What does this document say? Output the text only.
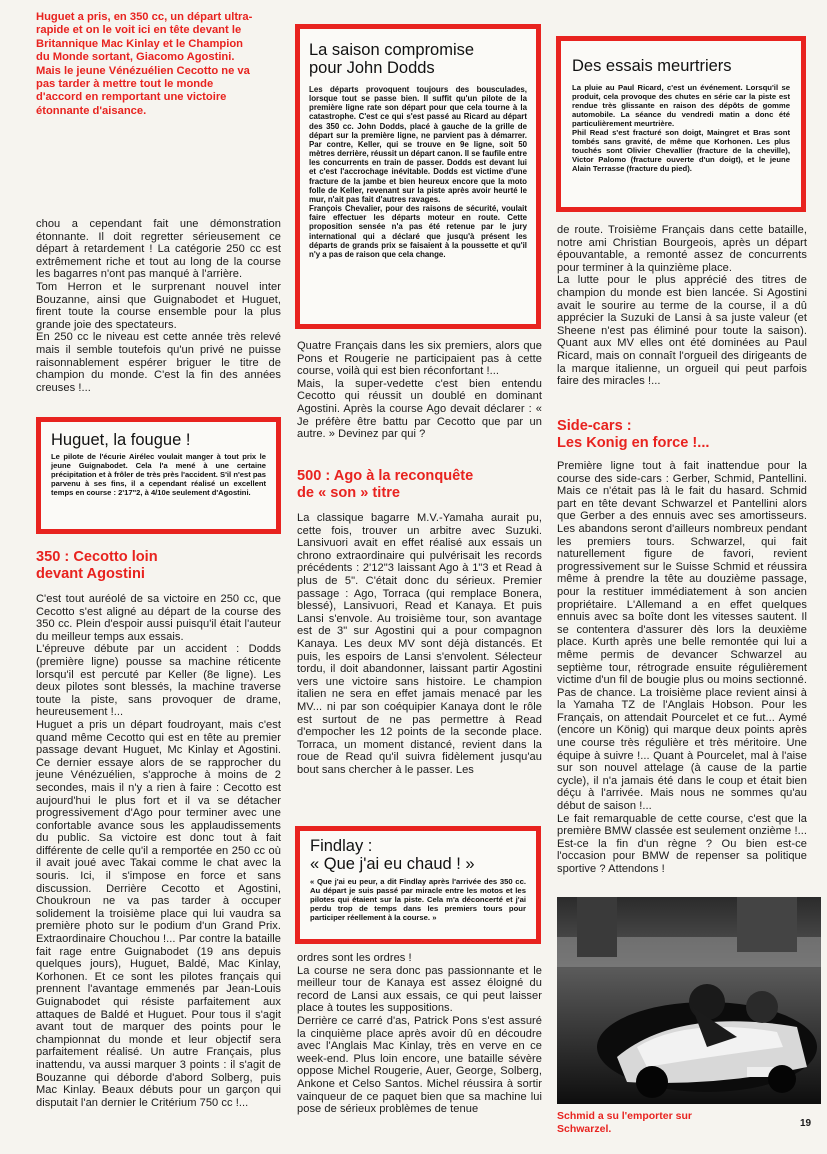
Huguet a pris, en 350 cc, un départ ultra-rapide et on le voit ici en tête devant le Britannique Mac Kinlay et le Champion du Monde sortant, Giacomo Agostini. Mais le jeune Vénézuélien Cecotto ne va pas tarder à mettre tout le monde d'accord en remportant une victoire étonnante d'aisance.
chou a cependant fait une démonstration étonnante. Il doit regretter sérieusement ce départ à retardement ! La catégorie 250 cc est extrêmement riche et tout au long de la course les bagarres n'ont pas manqué à l'arrière.
Tom Herron et le surprenant nouvel inter Bouzanne, ainsi que Guignabodet et Huguet, firent toute la course ensemble pour la plus grande joie des spectateurs.
En 250 cc le niveau est cette année très relevé mais il semble toutefois qu'un privé ne puisse raisonnablement espérer briguer le titre de champion du monde. C'est la fin des années creuses !...
Huguet, la fougue !
Le pilote de l'écurie Airélec voulait manger à tout prix le jeune Guignabodet. Cela l'a mené à une certaine précipitation et à frôler de très près l'accident. S'il n'est pas parvenu à ses fins, il a cependant réalisé un excellent temps en course : 2'17"2, à 4/10e seulement d'Agostini.
350 : Cecotto loin
devant Agostini
C'est tout auréolé de sa victoire en 250 cc, que Cecotto s'est aligné au départ de la course des 350 cc. Plein d'espoir aussi puisqu'il était l'auteur du meilleur temps aux essais.
L'épreuve débute par un accident : Dodds (première ligne) pousse sa machine réticente lorsqu'il est percuté par Keller (8e ligne). Les deux pilotes sont blessés, la machine traverse toute la piste, sans provoquer de drame, heureusement !...
Huguet a pris un départ foudroyant, mais c'est quand même Cecotto qui est en tête au premier passage devant Huguet, Mc Kinlay et Agostini. Ce dernier essaye alors de se rapprocher du jeune Vénézuélien, s'approche à moins de 2 secondes, mais il n'y a rien à faire : Cecotto est aujourd'hui le plus fort et il va se détacher progressivement d'Ago pour terminer avec une confortable avance sous les applaudissements du public. Sa victoire est donc tout à fait différente de celle qu'il a remportée en 250 cc où il avait joué avec Takai comme le chat avec la souris. Ici, il s'impose en force et sans discussion. Derrière Cecotto et Agostini, Choukroun ne va pas tarder à occuper solidement la troisième place qui lui vaudra sa première photo sur le podium d'un Grand Prix. Extraordinaire Chouchou !... Par contre la bataille fait rage entre Guignabodet (19 ans depuis quelques jours), Huguet, Baldé, Mac Kinlay, Korhonen. Et ce sont les pilotes français qui prennent l'avantage emmenés par Jean-Louis Guignabodet qui résiste parfaitement aux attaques de Baldé et Huguet. Pour tous il s'agit avant tout de marquer des points pour le championnat du monde et leur objectif sera parfaitement réalisé. Un autre Français, plus inattendu, va aussi marquer 3 points : il s'agit de Bouzanne qui déborde d'abord Solberg, puis Mac Kinlay. Beaux débuts pour un garçon qui disputait l'an dernier le Critérium 750 cc !...
La saison compromise
pour John Dodds
Les départs provoquent toujours des bousculades, lorsque tout se passe bien. Il suffit qu'un pilote de la première ligne rate son départ pour que cela tourne à la catastrophe. C'est ce qui s'est passé au Ricard au départ des 350 cc. John Dodds, placé à gauche de la grille de départ sur la première ligne, ne parvient pas à démarrer. Par contre, Keller, qui se trouve en 9e ligne, soit 50 mètres derrière, réussit un départ canon. Il se faufile entre les concurrents en train de passer. Dodds est devant lui et c'est l'accrochage inévitable. Dodds est victime d'une fracture de la jambe et bien heureux encore que la moto folle de Keller, revenant sur la piste après avoir heurté le mur, n'ait pas fait d'autres ravages.
François Chevalier, pour des raisons de sécurité, voulait faire effectuer les départs moteur en route. Cette proposition sensée n'a pas été retenue par le jury international qui a déclaré que jusqu'à présent les départs de grands prix se faisaient à la poussette et qu'il n'y a pas de raison que cela change.
Quatre Français dans les six premiers, alors que Pons et Rougerie ne participaient pas à cette course, voilà qui est bien réconfortant !...
Mais, la super-vedette c'est bien entendu Cecotto qui réussit un doublé en dominant Agostini. Après la course Ago devait déclarer : « Je préfère être battu par Cecotto que par un autre. » Devinez par qui ?
500 : Ago à la reconquête
de « son » titre
La classique bagarre M.V.-Yamaha aurait pu, cette fois, trouver un arbitre avec Suzuki. Lansivuori avait en effet réalisé aux essais un chrono extraordinaire qui pulvérisait les records précédents : 2'12"3 laissant Ago à 1"3 et Read à plus de 5". C'était donc du sérieux. Premier passage : Ago, Torraca (qui remplace Bonera, blessé), Lansivuori, Read et Kanaya. Et puis Lansi s'envole. Au troisième tour, son avantage est de 3" sur Agostini qui a pour compagnon Kanaya. Les deux MV sont déjà distancés. Et puis, les espoirs de Lansi s'envolent. Sélecteur tordu, il doit abandonner, laissant partir Agostini vers une victoire sans histoire. Le champion italien ne sera en effet jamais menacé par les MV... ni par son coéquipier Kanaya dont le rôle est surtout de ne pas permettre à Read d'empocher les 12 points de la seconde place. Torraca, un moment distancé, revient dans la roue de Read qu'il suivra fidèlement jusqu'au bout sans chercher à le passer. Les
Findlay :
« Que j'ai eu chaud ! »
« Que j'ai eu peur, a dit Findlay après l'arrivée des 350 cc. Au départ je suis passé par miracle entre les motos et les pilotes qui étaient sur la piste. Cela m'a déconcerté et j'ai perdu trop de temps dans les premiers tours pour participer réellement à la course. »
ordres sont les ordres !
La course ne sera donc pas passionnante et le meilleur tour de Kanaya est assez éloigné du record de Lansi aux essais, ce qui peut laisser place à toutes les suppositions.
Derrière ce carré d'as, Patrick Pons s'est assuré la cinquième place après avoir dû en découdre avec l'Anglais Mac Kinlay, très en verve en ce week-end. Plus loin encore, une bataille sévère oppose Michel Rougerie, Auer, George, Solberg, Ankone et Celso Santos. Michel réussira à sortir vainqueur de ce paquet bien que sa machine lui pose de sérieux problèmes de tenue
Des essais meurtriers
La pluie au Paul Ricard, c'est un événement. Lorsqu'il se produit, cela provoque des chutes en série car la piste est rendue très glissante en raison des dépôts de gomme automobile. La séance du vendredi matin a donc été particulièrement meurtrière.
Phil Read s'est fracturé son doigt, Maingret et Bras sont tombés sans gravité, de même que Korhonen. Les plus touchés sont Olivier Chevallier (fracture de la cheville), Victor Palomo (fracture ouverte d'un doigt), et le jeune Alain Terrasse (fracture du pied).
de route. Troisième Français dans cette bataille, notre ami Christian Bourgeois, après un départ épouvantable, a remonté assez de concurrents pour terminer à la quinzième place.
La lutte pour le plus apprécié des titres de champion du monde est bien lancée. Si Agostini avait le sourire au terme de la course, il a dû apprécier la Suzuki de Lansi à sa juste valeur (et Sheene n'est pas éliminé pour toute la saison). Quant aux MV elles ont été dominées au Paul Ricard, mais on connaît l'orgueil des dirigeants de la marque italienne, un orgueil qui peut parfois faire des miracles !...
Side-cars :
Les Konig en force !...
Première ligne tout à fait inattendue pour la course des side-cars : Gerber, Schmid, Pantellini. Mais ce n'était pas là le fait du hasard. Schmid part en tête devant Schwarzel et Pantellini alors que Gerber a des ennuis avec ses amortisseurs. Les abandons seront d'ailleurs nombreux pendant les premiers tours. Schwarzel, qui fait naturellement figure de favori, revient progressivement sur le Suisse Schmid et réussira même à prendre la tête au douzième passage, pour la restituer immédiatement à son ancien propriétaire. L'Allemand a en effet quelques ennuis avec sa boîte dont les vitesses sautent. Il se contentera d'assurer dès lors la deuxième place. Kurth après une belle remontée qui lui a même permis de devancer Schwarzel au septième tour, rétrograde ensuite régulièrement victime d'un fil de bougie plus ou moins sectionné. Pas de chance. La troisième place revient ainsi à la Yamaha TZ de l'Anglais Hobson. Pour les Français, on attendait Pourcelet et ce fut... Aymé (encore un König) qui marque deux points après une course très régulière et très méritoire. Une équipe à suivre !... Quant à Pourcelet, mal à l'aise sur son nouvel attelage (à cause de la partie cycle), il n'a jamais été dans le coup et était bien déçu à l'arrivée. Mais nous ne sommes qu'au début de saison !...
Le fait remarquable de cette course, c'est que la première BMW classée est seulement onzième !... Est-ce la fin d'un règne ? Ou bien est-ce l'occasion pour BMW de repenser sa politique sportive ? Attendons !
Schmid a su l'emporter sur
Schwarzel.	19
